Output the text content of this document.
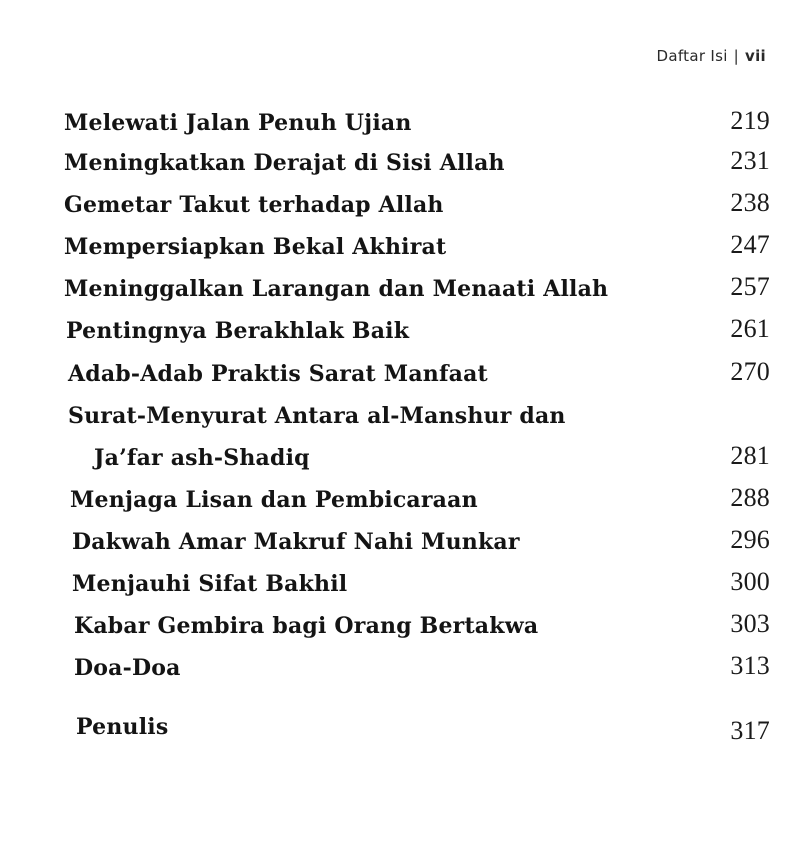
Daftar Isi | vii
Melewati Jalan Penuh Ujian	219
Meningkatkan Derajat di Sisi Allah	231
Gemetar Takut terhadap Allah	238
Mempersiapkan Bekal Akhirat	247
Meninggalkan Larangan dan Menaati Allah	257
Pentingnya Berakhlak Baik	261
Adab-Adab Praktis Sarat Manfaat	270
Surat-Menyurat Antara al-Manshur dan
Ja’far ash-Shadiq	281
Menjaga Lisan dan Pembicaraan	288
Dakwah Amar Makruf Nahi Munkar	296
Menjauhi Sifat Bakhil	300
Kabar Gembira bagi Orang Bertakwa	303
Doa-Doa	313
Penulis	317
